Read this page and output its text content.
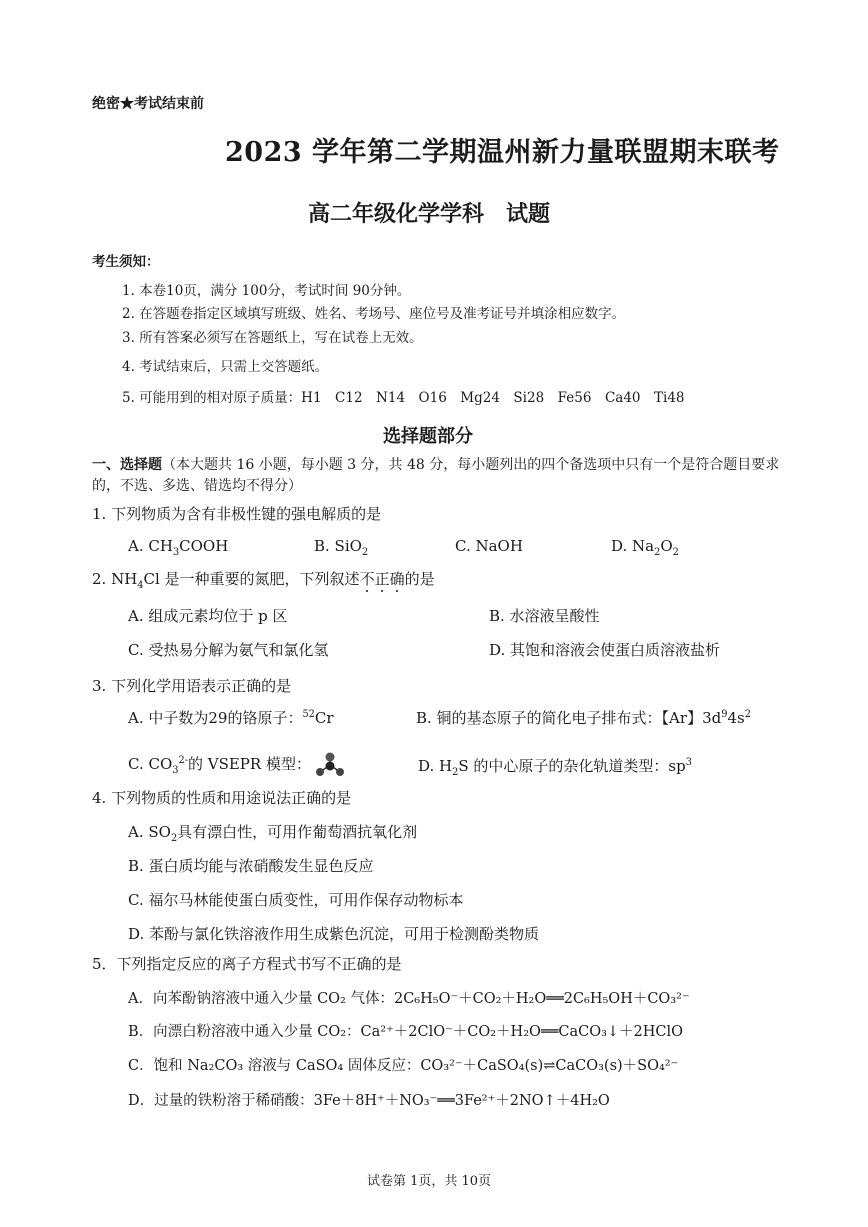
绝密★考试结束前
2023 学年第二学期温州新力量联盟期末联考
高二年级化学学科　试题
考生须知：
1. 本卷10页，满分 100分，考试时间 90分钟。
2. 在答题卷指定区域填写班级、姓名、考场号、座位号及准考证号并填涂相应数字。
3. 所有答案必须写在答题纸上，写在试卷上无效。
4. 考试结束后，只需上交答题纸。
5. 可能用到的相对原子质量：H1　C12　N14　O16　Mg24　Si28　Fe56　Ca40　Ti48
选择题部分
一、选择题（本大题共 16 小题，每小题 3 分，共 48 分，每小题列出的四个备选项中只有一个是符合题目要求的，不选、多选、错选均不得分）
1. 下列物质为含有非极性键的强电解质的是
A. $CH_3COOH$	B. SiO$_2$	C. NaOH	D. $Na_2O_2$
2. $NH_4Cl$ 是一种重要的氮肥，下列叙述不正确的是
A. 组成元素均位于 p 区	B. 水溶液呈酸性
C. 受热易分解为氨气和氯化氢	D. 其饱和溶液会使蛋白质溶液盐析
3. 下列化学用语表示正确的是
A. 中子数为29的铬原子：$^{52}$Cr	B. 铜的基态原子的简化电子排布式：【Ar】$3d^94s^2$
C. $CO_3^{2-}$的 VSEPR 模型：	D. $H_2S$ 的中心原子的杂化轨道类型：$sp^3$
4. 下列物质的性质和用途说法正确的是
A. $SO_2$具有漂白性，可用作葡萄酒抗氧化剂
B. 蛋白质均能与浓硝酸发生显色反应
C. 福尔马林能使蛋白质变性，可用作保存动物标本
D. 苯酚与氯化铁溶液作用生成紫色沉淀，可用于检测酚类物质
5．下列指定反应的离子方程式书写不正确的是
A．向苯酚钠溶液中通入少量 CO₂ 气体：2C₆H₅O⁻＋CO₂＋H₂O══2C₆H₅OH＋CO₃²⁻
B．向漂白粉溶液中通入少量 CO₂：Ca²⁺＋2ClO⁻＋CO₂＋H₂O══CaCO₃↓＋2HClO
C．饱和 Na₂CO₃ 溶液与 CaSO₄ 固体反应：CO₃²⁻＋CaSO₄(s)⇌CaCO₃(s)＋SO₄²⁻
D．过量的铁粉溶于稀硝酸：3Fe＋8H⁺＋NO₃⁻══3Fe²⁺＋2NO↑＋4H₂O
试卷第 1页，共 10页
